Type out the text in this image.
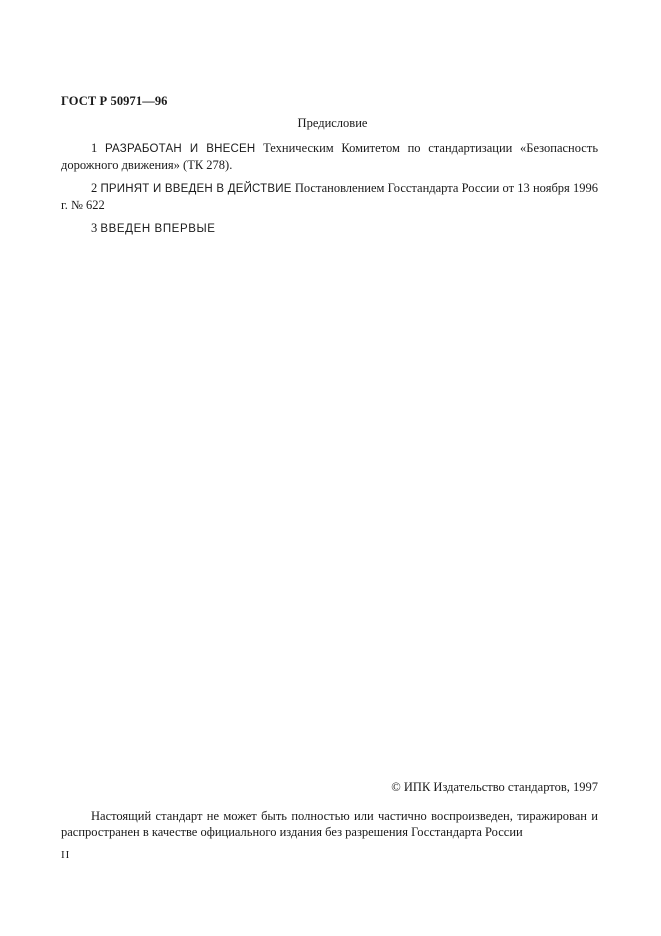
ГОСТ Р 50971—96
Предисловие

1 РАЗРАБОТАН И ВНЕСЕН Техническим Комитетом по стандартизации «Безопасность дорожного движения» (ТК 278).

2 ПРИНЯТ И ВВЕДЕН В ДЕЙСТВИЕ Постановлением Госстандарта России от 13 ноября 1996 г. № 622

3 ВВЕДЕН ВПЕРВЫЕ

© ИПК Издательство стандартов, 1997

Настоящий стандарт не может быть полностью или частично воспроизведен, тиражирован и распространен в качестве официального издания без разрешения Госстандарта России

II
